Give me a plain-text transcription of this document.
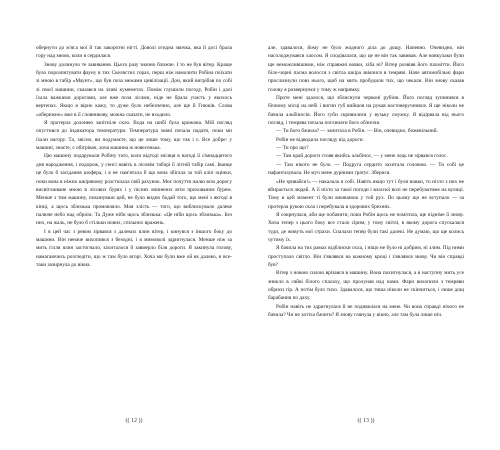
обернути до м'яса мої й так закоротні нігті. Доволі огидна звичка, яка й досі брала гору над мною, коли я сердилася.

Знову долинуло те завивання. Цього разу значно ближче. І то не був вітер. Краще було порозпитувати фауну в тих Скелястих горах, перш ніж намолити Робіна поїхати зі мною в табір «Маунт», що був поза межами цивілізації. Дон, який вигрібав по собі зі своєї машини, сказався на зливі кумеметах. Поміж глушили погоду, Робін і далі їхала важкими дорогами, але вже поза лісами, ніде не брала участь у якихось вертепах. Якщо я вірно кажу, то дуже було небезпечно, але ще й Гнюків. Слова «обережно» вже в її словникову, можна сказати, не входило.

Я протерла долонею запітніле скло. Вода на шибі була крижана. Мій погляд опустився до індикатора температури. Температура зовні почала падати, поки ми їхали нагору. Та, звісно, ви подумаєте, що це лише тому, що так і є. Все добре: у машині, знаєте, є обігрівач, хоча машина ж новесенька.

Цю машину подарували Робіну тато, коли відтоді місяця в нагоді її сімнадцятого дня народження, і подорож, у сенсі навіть в лісовім таборі її літній табір самі. Іванце це було б засідання шофера, і я не пам'ятала б що вона збігала за той кліп оцінки, поки вона в ніжно шкіряному розстилала свій рахунок. Моє почуття жалю всю дорогу висвітлюване мною в лісових бурях і у піснях вчинених втім прихованим бурем. Менше з тим машину, покинувши цей, не було видно бодай того, що мені з яктоді в кінці, а щось зблизька промовляло. Моя злість — того, що виблискувало далеке палюче небо над обрієм. Та Дуже ніби щось зблизька: «Це ніби щось зблизька». Без них, на жаль, не було б стільки нових, спільних вражень.

І в цей час з ревом зірвався з далеких ялин вітер, і кинувся з іншого боку до машини. Він неначе вихопився з безодні, і я мимоволі здригнулася. Менше ніж за мить гілля ялин застогнало, захиталося й завмерло біля дороги. Я закинула голову, намагаючись розгледіти, що ж там було вгорі. Хоча ми були вже ой як далеко, я все-таки зазирнула до вікна.

але, здавалося, йому не було жодного діла до дощу. Напевно. Очевидно, він насолоджувався хаосом. Я сподівалася, що це не він так завивав. Але вовкулаки були ще неможливішими, ніж справжні вовки, хіба ні? Вітер розвіяв його пахмітти. Його біло-чорні пасма волосся з світла шкіра звіялися в темряві. Наче автомобільні фари прослизнули повз нього, щоб на мить пробудили тих, що чекали. Він знову сказав голову я розвернувся у тому ж напрямку.

Проте мені здалося, що зблиснули червоні рубіни. Його погляд зупинився в бічному місці на небі і вигин губ вийшов на рукав настоверучнився. Я ще ніколи не бачила альбіносів. Його губи скривилися у вузьку смужку. Я відірвала від нього погляд, і темрява почала поглинати його обличчя.

— Ти його бачила? — запитала в Робін. — Він, очевидно, божевільний.

Робін не відводила погляду від дороги.

— Ти про що?

— Там край дороги стояв якийсь альбінос, — у мене ледь не зірвався голос.

— Там нікого не було. — Подруга сердито захитала головою. — Ти собі це нафантазувала. Не муч мене дурними гратує. Зберися.

«Не зривайся!» — накалала я собі. Навіть якщо тут і були вовки, то ніхто з них не вбирається людей. А її ніхто за такої погоди і власної волі не перебуватиме на вулиці. Тому в цей момент ті були вживаною у той рух. По цьому що не вступало — за протерла рукою скла і перебувала в здорових брехнях.

Я озирнулася, аби ще побачити, поки Робін щось не помітила, ще підніме її знову. Хоча тепер з цього боку все стало сірим, у тому світлі, в якому дорога спускалася туди, де живуть мої страхи. Спалахи тепер були такі далекі. Не думаю, що ще колись чутиму їх.

Я бачила на тих рамах відблиски скла, і ніщо не було ні добрим, ні злим. Під ними проступало світло. Він з'являвся на кожному кроці і з'являвся знову. Чи він справді був?

Вітер з новою силою врізався в машину. Вона похитнулася, а в наступну мить усе зникло в сяйві білого спалаху, що пролунав над нами. Фари вихопили з темряви обриси гір. А потім було тихо. Здавалося, що тиша ніколи не скінчиться, і лише дощ барабанив по даху.

Робін навіть не здригнулася й не подивилася на мене. Чи вона справді нічого не бачила? Чи не хотіла бачити? Я знову глянула у вікно, але там була лише ніч.

(( 12 ))	(( 13 ))
